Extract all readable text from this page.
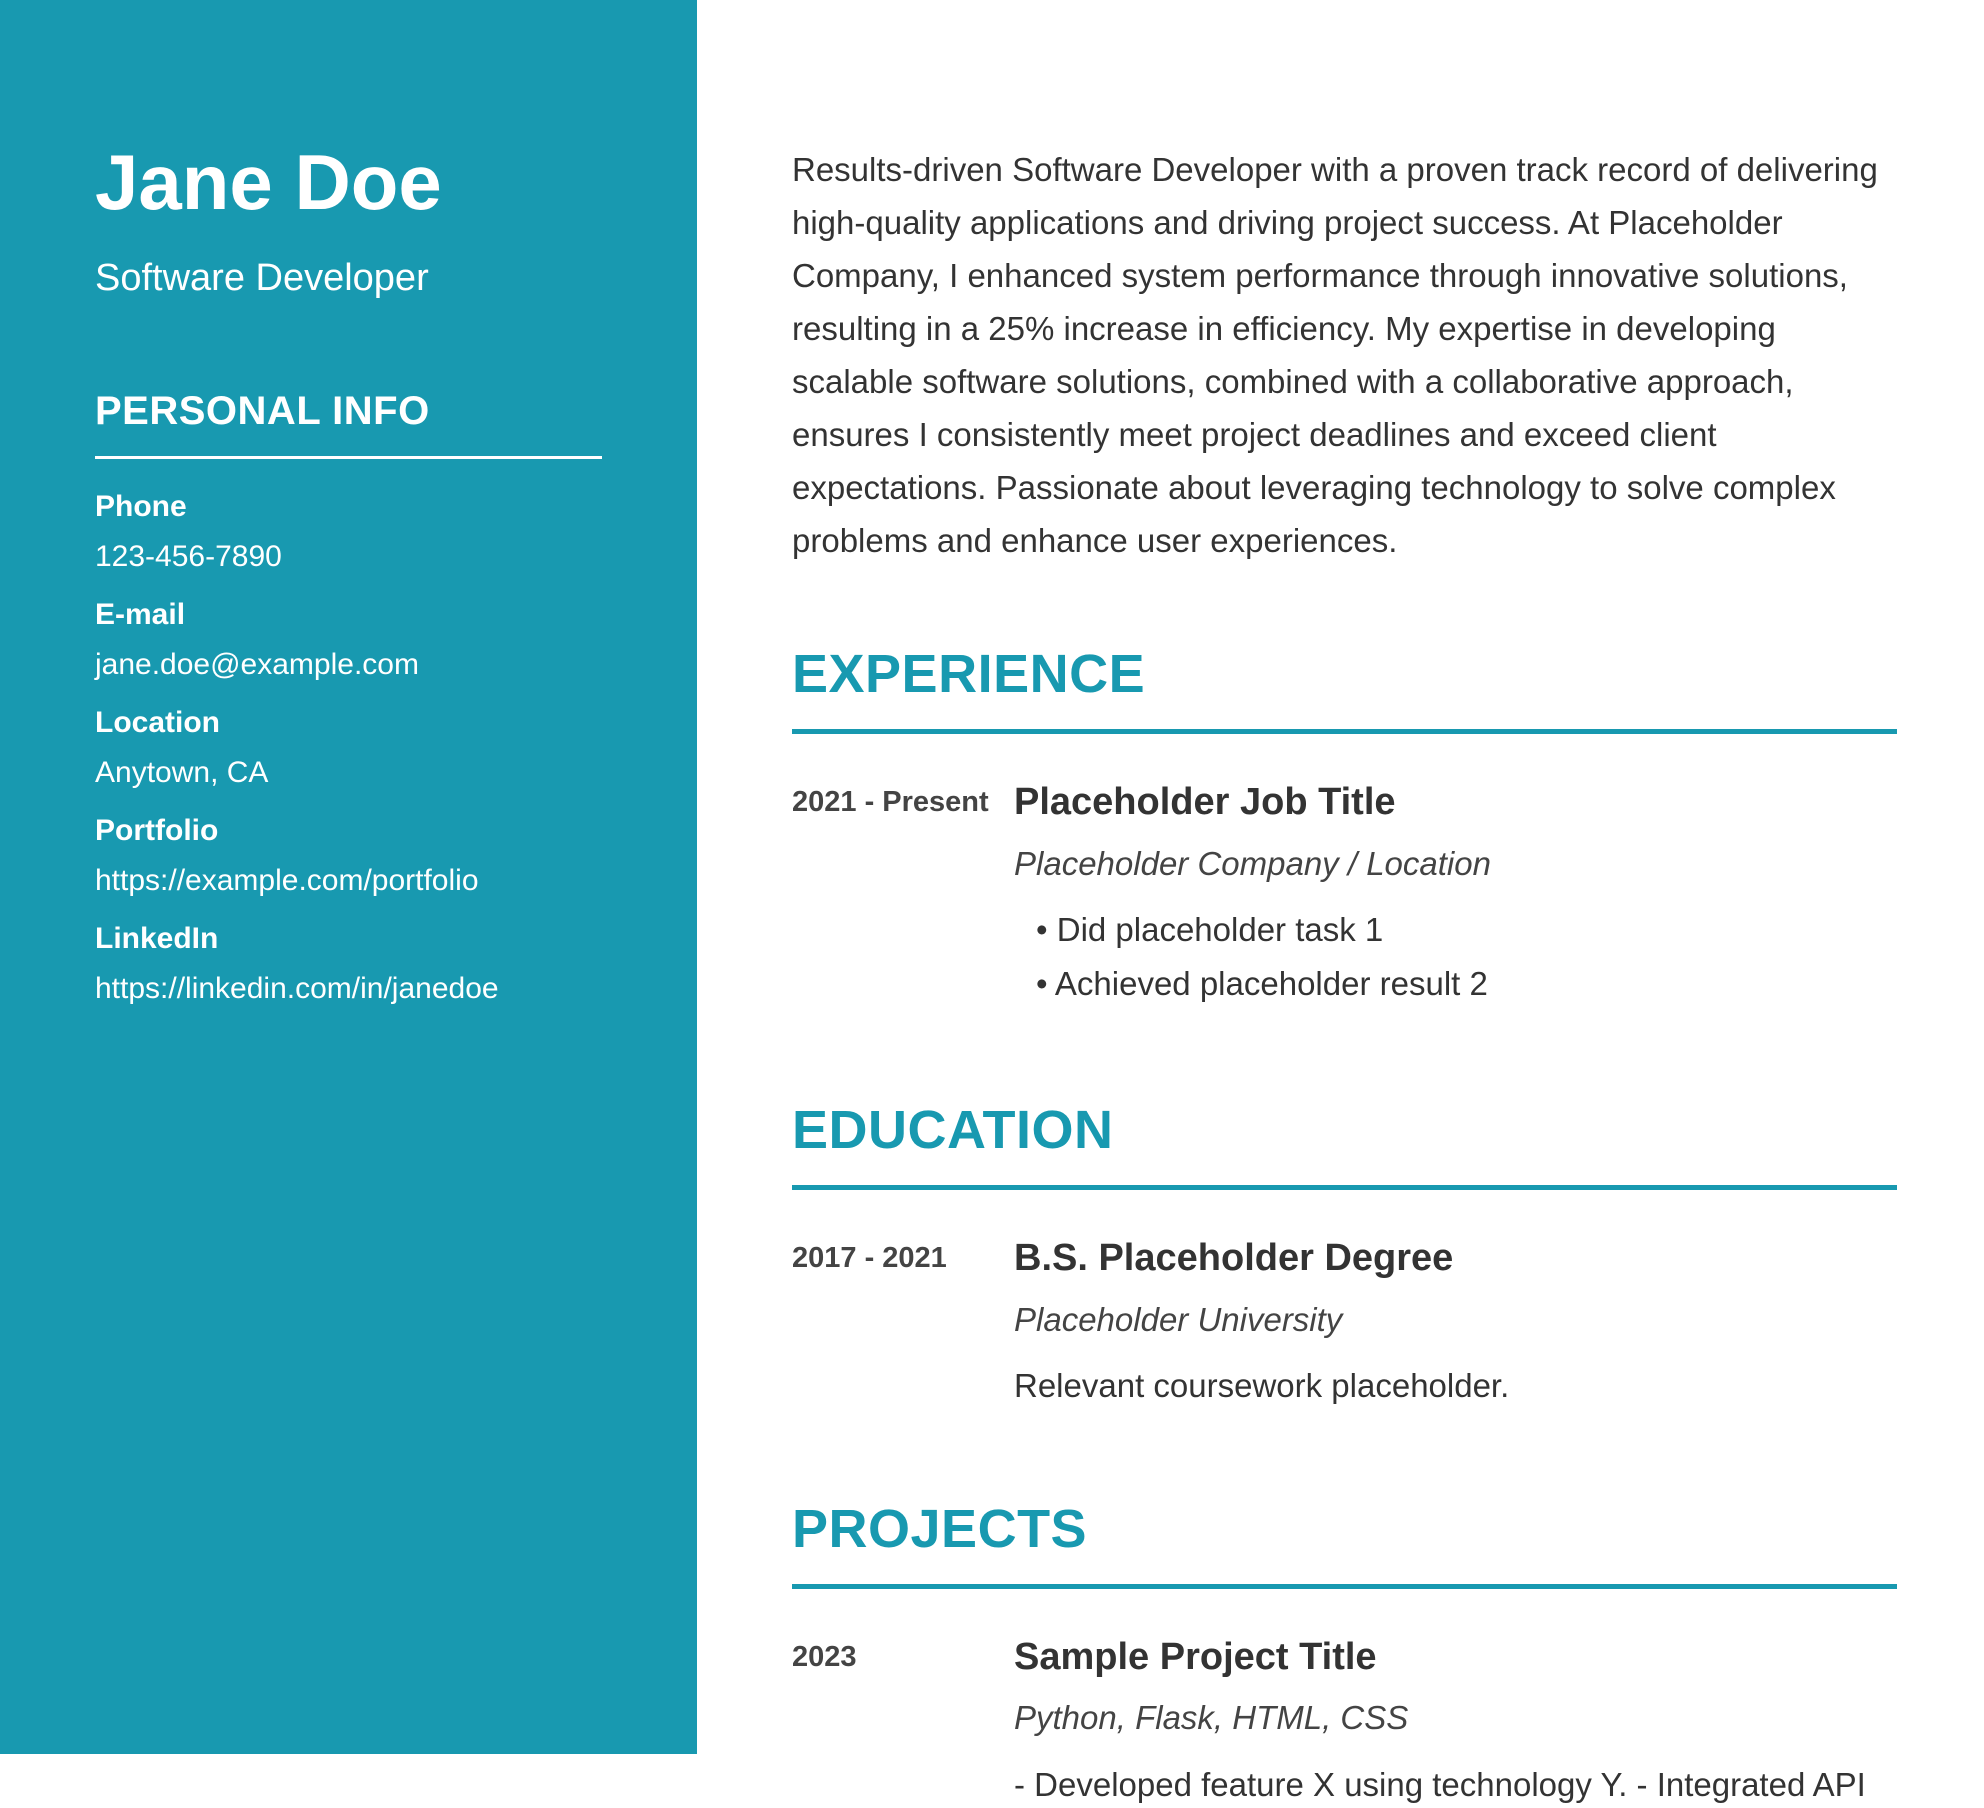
Jane Doe

Software Developer

PERSONAL INFO

Phone

123-456-7890

E-mail

jane.doe@example.com

Location

Anytown, CA

Portfolio

https://example.com/portfolio

LinkedIn

https://linkedin.com/in/janedoe

Results-driven Software Developer with a proven track record of delivering high-quality applications and driving project success. At Placeholder Company, I enhanced system performance through innovative solutions, resulting in a 25% increase in efficiency. My expertise in developing scalable software solutions, combined with a collaborative approach, ensures I consistently meet project deadlines and exceed client expectations. Passionate about leveraging technology to solve complex problems and enhance user experiences.

EXPERIENCE
2021 - Present Placeholder Job Title

Placeholder Company / Location

• Did placeholder task 1
• Achieved placeholder result 2
EDUCATION
2017 - 2021	B.S. Placeholder Degree

Placeholder University

Relevant coursework placeholder.

PROJECTS
2023	Sample Project Title

Python, Flask, HTML, CSS

- Developed feature X using technology Y. - Integrated API
